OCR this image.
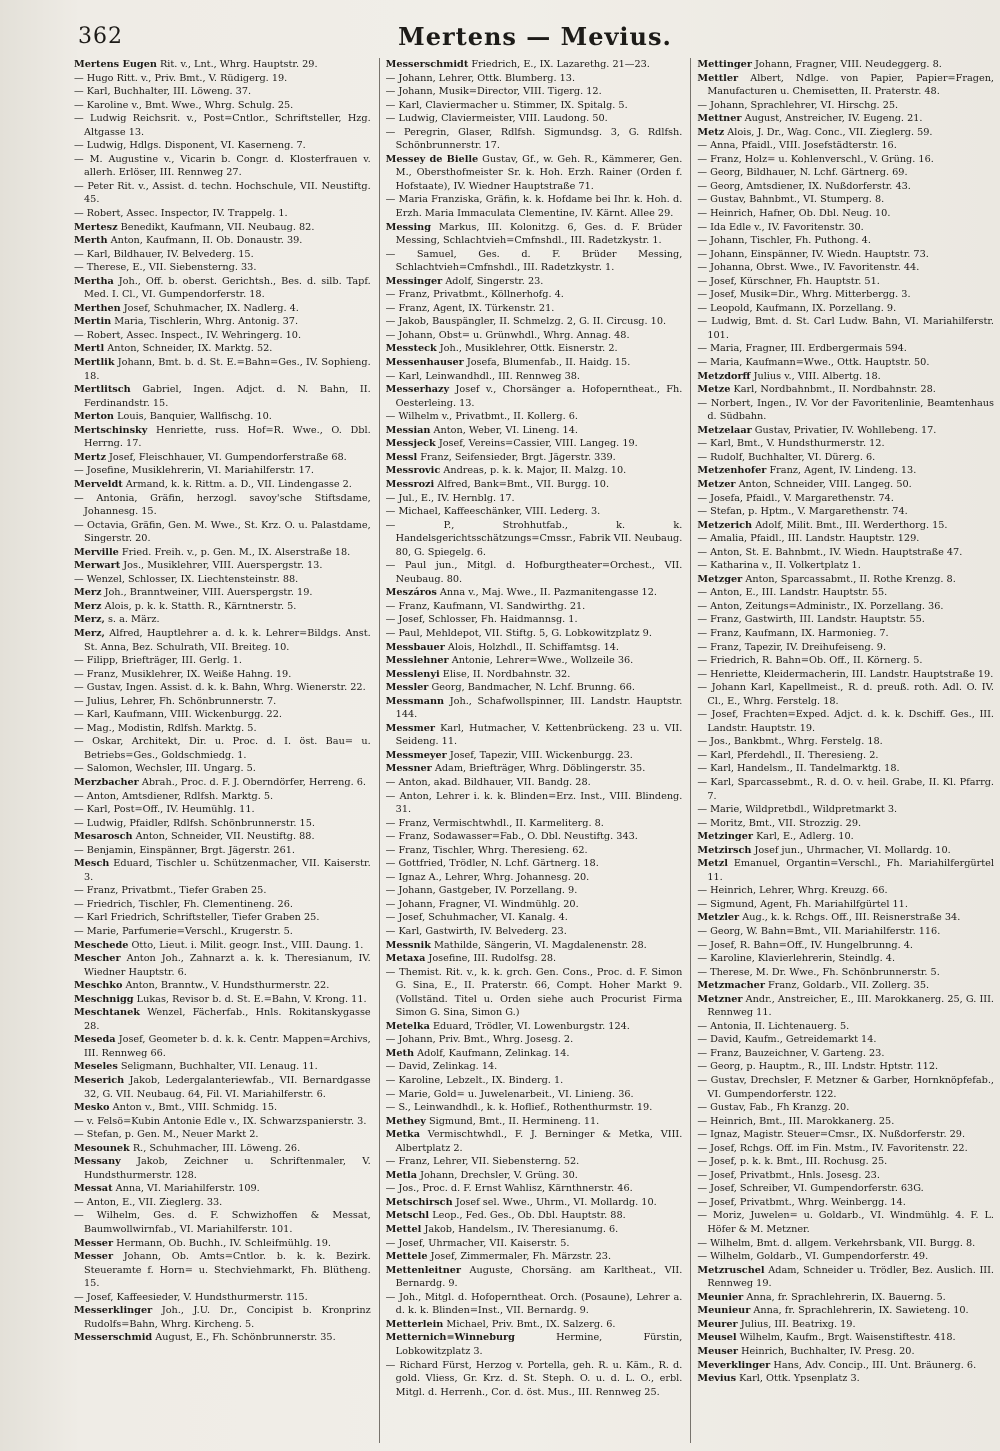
362	Mertens — Mevius.

Mertens Eugen Rit. v., Lnt., Whrg. Hauptstr. 29.

— Hugo Ritt. v., Priv. Bmt., V. Rüdigerg. 19.

— Karl, Buchhalter, III. Löweng. 37.

— Karoline v., Bmt. Wwe., Whrg. Schulg. 25.

— Ludwig Reichsrit. v., Post=Cntlor., Schriftsteller, Hzg. Altgasse 13.

— Ludwig, Hdlgs. Disponent, VI. Kaserneng. 7.

— M. Augustine v., Vicarin b. Congr. d. Klosterfrauen v. allerh. Erlöser, III. Rennweg 27.

— Peter Rit. v., Assist. d. techn. Hochschule, VII. Neustiftg. 45.

— Robert, Assec. Inspector, IV. Trappelg. 1.

Mertesz Benedikt, Kaufmann, VII. Neubaug. 82.

Merth Anton, Kaufmann, II. Ob. Donaustr. 39.

— Karl, Bildhauer, IV. Belvederg. 15.

— Therese, E., VII. Siebensterng. 33.

Mertha Joh., Off. b. oberst. Gerichtsh., Bes. d. silb. Tapf. Med. I. Cl., VI. Gumpendorferstr. 18.

Merthen Josef, Schuhmacher, IX. Nadlerg. 4.

Mertin Maria, Tischlerin, Whrg. Antonig. 37.

— Robert, Assec. Inspect., IV. Wehringerg. 10.

Mertl Anton, Schneider, IX. Marktg. 52.

Mertlik Johann, Bmt. b. d. St. E.=Bahn=Ges., IV. Sophieng. 18.

Mertlitsch Gabriel, Ingen. Adjct. d. N. Bahn, II. Ferdinandstr. 15.

Merton Louis, Banquier, Wallfischg. 10.

Mertschinsky Henriette, russ. Hof=R. Wwe., O. Dbl. Herrng. 17.

Mertz Josef, Fleischhauer, VI. Gumpendorferstraße 68.

— Josefine, Musiklehrerin, VI. Mariahilferstr. 17.

Merveldt Armand, k. k. Rittm. a. D., VII. Lindengasse 2.

— Antonia, Gräfin, herzogl. savoy'sche Stiftsdame, Johannesg. 15.

— Octavia, Gräfin, Gen. M. Wwe., St. Krz. O. u. Palastdame, Singerstr. 20.

Merville Fried. Freih. v., p. Gen. M., IX. Alserstraße 18.

Merwart Jos., Musiklehrer, VIII. Auerspergstr. 13.

— Wenzel, Schlosser, IX. Liechtensteinstr. 88.

Merz Joh., Branntweiner, VIII. Auerspergstr. 19.

Merz Alois, p. k. k. Statth. R., Kärntnerstr. 5.

Merz, s. a. März.

Merz, Alfred, Hauptlehrer a. d. k. k. Lehrer=Bildgs. Anst. St. Anna, Bez. Schulrath, VII. Breiteg. 10.

— Filipp, Briefträger, III. Gerlg. 1.

— Franz, Musiklehrer, IX. Weiße Hahng. 19.

— Gustav, Ingen. Assist. d. k. k. Bahn, Whrg. Wienerstr. 22.

— Julius, Lehrer, Fh. Schönbrunnerstr. 7.

— Karl, Kaufmann, VIII. Wickenburgg. 22.

— Mag., Modistin, Rdlfsh. Marktg. 5.

— Oskar, Architekt, Dir. u. Proc. d. I. öst. Bau= u. Betriebs=Ges., Goldschmiedg. 1.

— Salomon, Wechsler, III. Ungarg. 5.

Merzbacher Abrah., Proc. d. F. J. Oberndörfer, Herreng. 6.

— Anton, Amtsdiener, Rdlfsh. Marktg. 5.

— Karl, Post=Off., IV. Heumühlg. 11.

— Ludwig, Pfaidler, Rdlfsh. Schönbrunnerstr. 15.

Mesarosch Anton, Schneider, VII. Neustiftg. 88.

— Benjamin, Einspänner, Brgt. Jägerstr. 261.

Mesch Eduard, Tischler u. Schützenmacher, VII. Kaiserstr. 3.

— Franz, Privatbmt., Tiefer Graben 25.

— Friedrich, Tischler, Fh. Clementineng. 26.

— Karl Friedrich, Schriftsteller, Tiefer Graben 25.

— Marie, Parfumerie=Verschl., Krugerstr. 5.

Meschede Otto, Lieut. i. Milit. geogr. Inst., VIII. Daung. 1.

Mescher Anton Joh., Zahnarzt a. k. k. Theresianum, IV. Wiedner Hauptstr. 6.

Meschko Anton, Branntw., V. Hundsthurmerstr. 22.

Meschnigg Lukas, Revisor b. d. St. E.=Bahn, V. Krong. 11.

Meschtanek Wenzel, Fächerfab., Hnls. Rokitanskygasse 28.

Meseda Josef, Geometer b. d. k. k. Centr. Mappen=Archivs, III. Rennweg 66.

Meseles Seligmann, Buchhalter, VII. Lenaug. 11.

Meserich Jakob, Ledergalanteriewfab., VII. Bernardgasse 32, G. VII. Neubaug. 64, Fil. VI. Mariahilferstr. 6.

Mesko Anton v., Bmt., VIII. Schmidg. 15.

— v. Felsö=Kubin Antonie Edle v., IX. Schwarzspanierstr. 3.

— Stefan, p. Gen. M., Neuer Markt 2.

Mesounek R., Schuhmacher, III. Löweng. 26.

Messany Jakob, Zeichner u. Schriftenmaler, V. Hundsthurmerstr. 128.

Messat Anna, VI. Mariahilferstr. 109.

— Anton, E., VII. Zieglerg. 33.

— Wilhelm, Ges. d. F. Schwizhoffen & Messat, Baumwollwirnfab., VI. Mariahilferstr. 101.

Messer Hermann, Ob. Buchh., IV. Schleifmühlg. 19.

Messer Johann, Ob. Amts=Cntlor. b. k. k. Bezirk. Steueramte f. Horn= u. Stechviehmarkt, Fh. Blütheng. 15.

— Josef, Kaffeesieder, V. Hundsthurmerstr. 115.

Messerklinger Joh., J.U. Dr., Concipist b. Kronprinz Rudolfs=Bahn, Whrg. Kircheng. 5.

Messerschmid August, E., Fh. Schönbrunnerstr. 35.

Messerschmidt Friedrich, E., IX. Lazarethg. 21—23.

— Johann, Lehrer, Ottk. Blumberg. 13.

— Johann, Musik=Director, VIII. Tigerg. 12.

— Karl, Claviermacher u. Stimmer, IX. Spitalg. 5.

— Ludwig, Claviermeister, VIII. Laudong. 50.

— Peregrin, Glaser, Rdlfsh. Sigmundsg. 3, G. Rdlfsh. Schönbrunnerstr. 17.

Messey de Bielle Gustav, Gf., w. Geh. R., Kämmerer, Gen. M., Obersthofmeister Sr. k. Hoh. Erzh. Rainer (Orden f. Hofstaate), IV. Wiedner Hauptstraße 71.

— Maria Franziska, Gräfin, k. k. Hofdame bei Ihr. k. Hoh. d. Erzh. Maria Immaculata Clementine, IV. Kärnt. Allee 29.

Messing Markus, III. Kolonitzg. 6, Ges. d. F. Brüder Messing, Schlachtvieh=Cmfnshdl., III. Radetzkystr. 1.

— Samuel, Ges. d. F. Brüder Messing, Schlachtvieh=Cmfnshdl., III. Radetzkystr. 1.

Messinger Adolf, Singerstr. 23.

— Franz, Privatbmt., Köllnerhofg. 4.

— Franz, Agent, IX. Türkenstr. 21.

— Jakob, Bauspängler, II. Schmelzg. 2, G. II. Circusg. 10.

— Johann, Obst= u. Grünwhdl., Whrg. Annag. 48.

Messteck Joh., Musiklehrer, Ottk. Eisnerstr. 2.

Messenhauser Josefa, Blumenfab., II. Haidg. 15.

— Karl, Leinwandhdl., III. Rennweg 38.

Messerhazy Josef v., Chorsänger a. Hofoperntheat., Fh. Oesterleing. 13.

— Wilhelm v., Privatbmt., II. Kollerg. 6.

Messian Anton, Weber, VI. Lineng. 14.

Messjeck Josef, Vereins=Cassier, VIII. Langeg. 19.

Messl Franz, Seifensieder, Brgt. Jägerstr. 339.

Messrovic Andreas, p. k. k. Major, II. Malzg. 10.

Messrozi Alfred, Bank=Bmt., VII. Burgg. 10.

— Jul., E., IV. Hernblg. 17.

— Michael, Kaffeeschänker, VIII. Lederg. 3.

— P., Strohhutfab., k. k. Handelsgerichtsschätzungs=Cmssr., Fabrik VII. Neubaug. 80, G. Spiegelg. 6.

— Paul jun., Mitgl. d. Hofburgtheater=Orchest., VII. Neubaug. 80.

Meszáros Anna v., Maj. Wwe., II. Pazmanitengasse 12.

— Franz, Kaufmann, VI. Sandwirthg. 21.

— Josef, Schlosser, Fh. Haidmannsg. 1.

— Paul, Mehldepot, VII. Stiftg. 5, G. Lobkowitzplatz 9.

Messbauer Alois, Holzhdl., II. Schiffamtsg. 14.

Messlehner Antonie, Lehrer=Wwe., Wollzeile 36.

Messlenyi Elise, II. Nordbahnstr. 32.

Messler Georg, Bandmacher, N. Lchf. Brunng. 66.

Messmann Joh., Schafwollspinner, III. Landstr. Hauptstr. 144.

Messmer Karl, Hutmacher, V. Kettenbrückeng. 23 u. VII. Seideng. 11.

Messmeyer Josef, Tapezir, VIII. Wickenburgg. 23.

Messner Adam, Briefträger, Whrg. Döblingerstr. 35.

— Anton, akad. Bildhauer, VII. Bandg. 28.

— Anton, Lehrer i. k. k. Blinden=Erz. Inst., VIII. Blindeng. 31.

— Franz, Vermischtwhdl., II. Karmeliterg. 8.

— Franz, Sodawasser=Fab., O. Dbl. Neustiftg. 343.

— Franz, Tischler, Whrg. Theresieng. 62.

— Gottfried, Trödler, N. Lchf. Gärtnerg. 18.

— Ignaz A., Lehrer, Whrg. Johannesg. 20.

— Johann, Gastgeber, IV. Porzellang. 9.

— Johann, Fragner, VI. Windmühlg. 20.

— Josef, Schuhmacher, VI. Kanalg. 4.

— Karl, Gastwirth, IV. Belvederg. 23.

Messnik Mathilde, Sängerin, VI. Magdalenenstr. 28.

Metaxa Josefine, III. Rudolfsg. 28.

— Themist. Rit. v., k. k. grch. Gen. Cons., Proc. d. F. Simon G. Sina, E., II. Praterstr. 66, Compt. Hoher Markt 9. (Vollständ. Titel u. Orden siehe auch Procurist Firma Simon G. Sina, Simon G.)

Metelka Eduard, Trödler, VI. Lowenburgstr. 124.

— Johann, Priv. Bmt., Whrg. Josesg. 2.

Meth Adolf, Kaufmann, Zelinkag. 14.

— David, Zelinkag. 14.

— Karoline, Lebzelt., IX. Binderg. 1.

— Marie, Gold= u. Juwelenarbeit., VI. Linieng. 36.

— S., Leinwandhdl., k. k. Hoflief., Rothenthurmstr. 19.

Methey Sigmund, Bmt., II. Hermineng. 11.

Metka Vermischtwhdl., F. J. Berninger & Metka, VIII. Albertplatz 2.

— Franz, Lehrer, VII. Siebensterng. 52.

Metla Johann, Drechsler, V. Grüng. 30.

— Jos., Proc. d. F. Ernst Wahlisz, Kärnthnerstr. 46.

Metschirsch Josef sel. Wwe., Uhrm., VI. Mollardg. 10.

Metschl Leop., Fed. Ges., Ob. Dbl. Hauptstr. 88.

Mettel Jakob, Handelsm., IV. Theresianumg. 6.

— Josef, Uhrmacher, VII. Kaiserstr. 5.

Mettele Josef, Zimmermaler, Fh. Märzstr. 23.

Mettenleitner Auguste, Chorsäng. am Karltheat., VII. Bernardg. 9.

— Joh., Mitgl. d. Hofoperntheat. Orch. (Posaune), Lehrer a. d. k. k. Blinden=Inst., VII. Bernardg. 9.

Metterlein Michael, Priv. Bmt., IX. Salzerg. 6.

Metternich=Winneburg Hermine, Fürstin, Lobkowitzplatz 3.

— Richard Fürst, Herzog v. Portella, geh. R. u. Käm., R. d. gold. Vliess, Gr. Krz. d. St. Steph. O. u. d. L. O., erbl. Mitgl. d. Herrenh., Cor. d. öst. Mus., III. Rennweg 25.

Mettinger Johann, Fragner, VIII. Neudeggerg. 8.

Mettler Albert, Ndlge. von Papier, Papier=Fragen, Manufacturen u. Chemisetten, II. Praterstr. 48.

— Johann, Sprachlehrer, VI. Hirschg. 25.

Mettner August, Anstreicher, IV. Eugeng. 21.

Metz Alois, J. Dr., Wag. Conc., VII. Zieglerg. 59.

— Anna, Pfaidl., VIII. Josefstädterstr. 16.

— Franz, Holz= u. Kohlenverschl., V. Grüng. 16.

— Georg, Bildhauer, N. Lchf. Gärtnerg. 69.

— Georg, Amtsdiener, IX. Nußdorferstr. 43.

— Gustav, Bahnbmt., VI. Stumperg. 8.

— Heinrich, Hafner, Ob. Dbl. Neug. 10.

— Ida Edle v., IV. Favoritenstr. 30.

— Johann, Tischler, Fh. Puthong. 4.

— Johann, Einspänner, IV. Wiedn. Hauptstr. 73.

— Johanna, Obrst. Wwe., IV. Favoritenstr. 44.

— Josef, Kürschner, Fh. Hauptstr. 51.

— Josef, Musik=Dir., Whrg. Mitterbergg. 3.

— Leopold, Kaufmann, IX. Porzellang. 9.

— Ludwig, Bmt. d. St. Carl Ludw. Bahn, VI. Mariahilferstr. 101.

— Maria, Fragner, III. Erdbergermais 594.

— Maria, Kaufmann=Wwe., Ottk. Hauptstr. 50.

Metzdorff Julius v., VIII. Albertg. 18.

Metze Karl, Nordbahnbmt., II. Nordbahnstr. 28.

— Norbert, Ingen., IV. Vor der Favoritenlinie, Beamtenhaus d. Südbahn.

Metzelaar Gustav, Privatier, IV. Wohllebeng. 17.

— Karl, Bmt., V. Hundsthurmerstr. 12.

— Rudolf, Buchhalter, VI. Dürerg. 6.

Metzenhofer Franz, Agent, IV. Lindeng. 13.

Metzer Anton, Schneider, VIII. Langeg. 50.

— Josefa, Pfaidl., V. Margarethenstr. 74.

— Stefan, p. Hptm., V. Margarethenstr. 74.

Metzerich Adolf, Milit. Bmt., III. Werderthorg. 15.

— Amalia, Pfaidl., III. Landstr. Hauptstr. 129.

— Anton, St. E. Bahnbmt., IV. Wiedn. Hauptstraße 47.

— Katharina v., II. Volkertplatz 1.

Metzger Anton, Sparcassabmt., II. Rothe Krenzg. 8.

— Anton, E., III. Landstr. Hauptstr. 55.

— Anton, Zeitungs=Administr., IX. Porzellang. 36.

— Franz, Gastwirth, III. Landstr. Hauptstr. 55.

— Franz, Kaufmann, IX. Harmonieg. 7.

— Franz, Tapezir, IV. Dreihufeiseng. 9.

— Friedrich, R. Bahn=Ob. Off., II. Körnerg. 5.

— Henriette, Kleidermacherin, III. Landstr. Hauptstraße 19.

— Johann Karl, Kapellmeist., R. d. preuß. roth. Adl. O. IV. Cl., E., Whrg. Ferstelg. 18.

— Josef, Frachten=Exped. Adjct. d. k. k. Dschiff. Ges., III. Landstr. Hauptstr. 19.

— Jos., Bankbmt., Whrg. Ferstelg. 18.

— Karl, Pferdehdl., II. Theresieng. 2.

— Karl, Handelsm., II. Tandelmarktg. 18.

— Karl, Sparcassebmt., R. d. O. v. heil. Grabe, II. Kl. Pfarrg. 7.

— Marie, Wildpretbdl., Wildpretmarkt 3.

— Moritz, Bmt., VII. Strozzig. 29.

Metzinger Karl, E., Adlerg. 10.

Metzirsch Josef jun., Uhrmacher, VI. Mollardg. 10.

Metzl Emanuel, Organtin=Verschl., Fh. Mariahilfergürtel 11.

— Heinrich, Lehrer, Whrg. Kreuzg. 66.

— Sigmund, Agent, Fh. Mariahilfgürtel 11.

Metzler Aug., k. k. Rchgs. Off., III. Reisnerstraße 34.

— Georg, W. Bahn=Bmt., VII. Mariahilferstr. 116.

— Josef, R. Bahn=Off., IV. Hungelbrunng. 4.

— Karoline, Klavierlehrerin, Steindlg. 4.

— Therese, M. Dr. Wwe., Fh. Schönbrunnerstr. 5.

Metzmacher Franz, Goldarb., VII. Zollerg. 35.

Metzner Andr., Anstreicher, E., III. Marokkanerg. 25, G. III. Rennweg 11.

— Antonia, II. Lichtenauerg. 5.

— David, Kaufm., Getreidemarkt 14.

— Franz, Bauzeichner, V. Garteng. 23.

— Georg, p. Hauptm., R., III. Lndstr. Hptstr. 112.

— Gustav, Drechsler, F. Metzner & Garber, Hornknöpfefab., VI. Gumpendorferstr. 122.

— Gustav, Fab., Fh Kranzg. 20.

— Heinrich, Bmt., III. Marokkanerg. 25.

— Ignaz, Magistr. Steuer=Cmsr., IX. Nußdorferstr. 29.

— Josef, Rchgs. Off. im Fin. Mstm., IV. Favoritenstr. 22.

— Josef, p. k. k. Bmt., III. Rochusg. 25.

— Josef, Privatbmt., Hnls. Josesg. 23.

— Josef, Schreiber, VI. Gumpendorferstr. 63G.

— Josef, Privatbmt., Whrg. Weinbergg. 14.

— Moriz, Juwelen= u. Goldarb., VI. Windmühlg. 4. F. L. Höfer & M. Metzner.

— Wilhelm, Bmt. d. allgem. Verkehrsbank, VII. Burgg. 8.

— Wilhelm, Goldarb., VI. Gumpendorferstr. 49.

Metzruschel Adam, Schneider u. Trödler, Bez. Auslich. III. Rennweg 19.

Meunier Anna, fr. Sprachlehrerin, IX. Bauerng. 5.

Meunieur Anna, fr. Sprachlehrerin, IX. Sawieteng. 10.

Meurer Julius, III. Beatrixg. 19.

Meusel Wilhelm, Kaufm., Brgt. Waisenstiftestr. 418.

Meuser Heinrich, Buchhalter, IV. Presg. 20.

Meverklinger Hans, Adv. Concip., III. Unt. Bräunerg. 6.

Mevius Karl, Ottk. Ypsenplatz 3.
